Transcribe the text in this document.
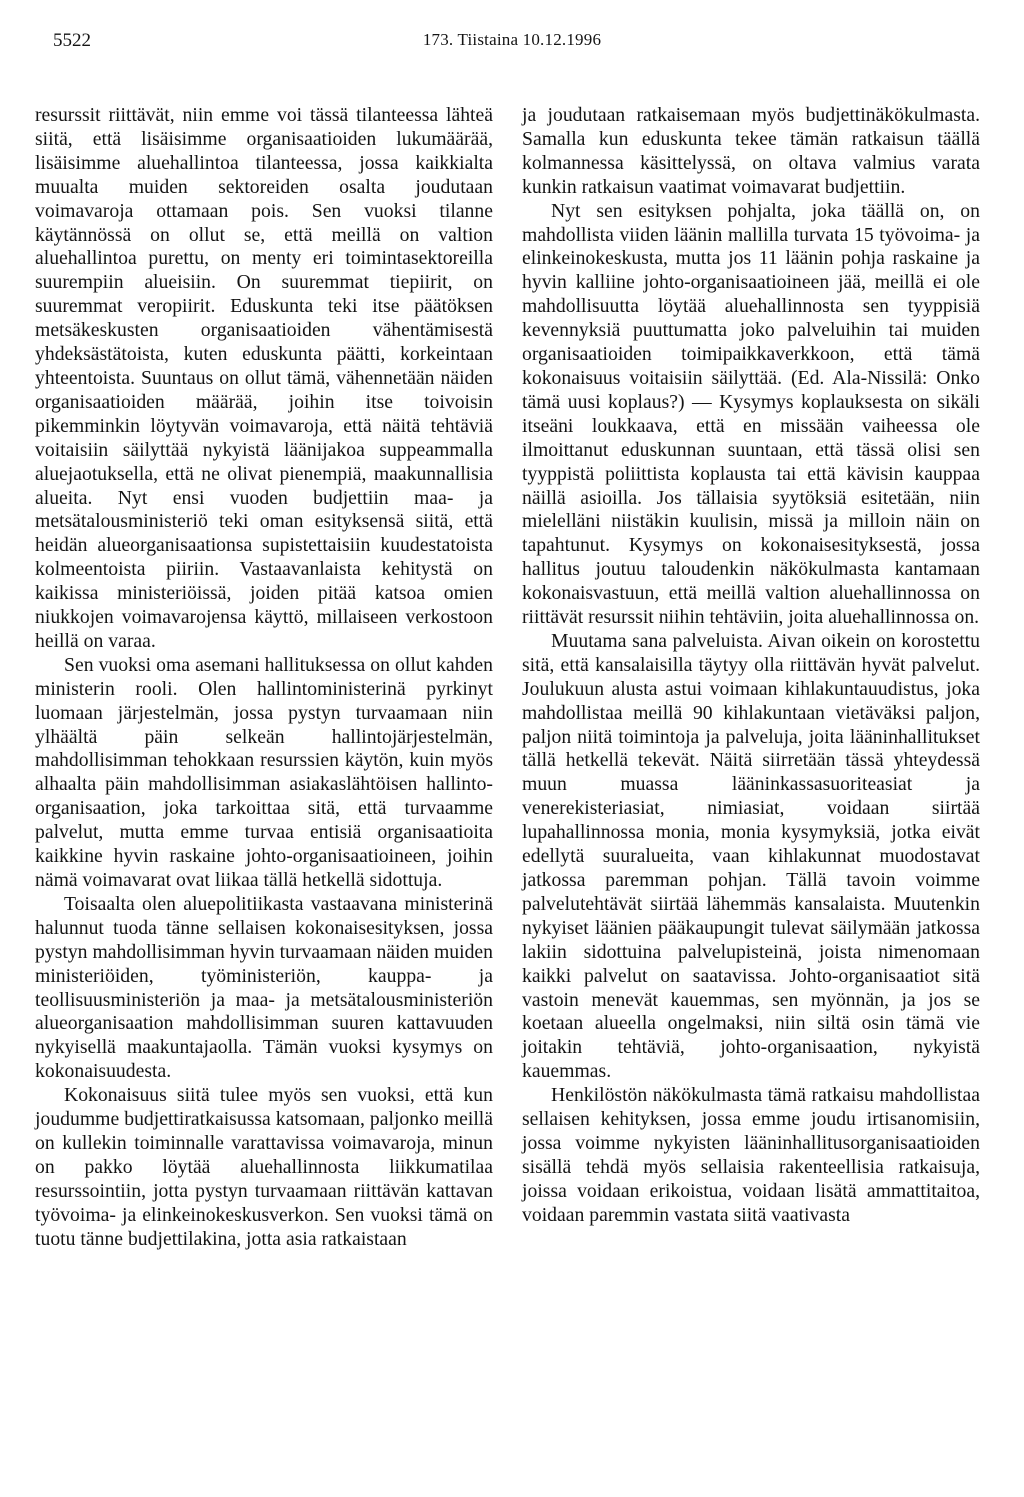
5522	173. Tiistaina 10.12.1996

resurssit riittävät, niin emme voi tässä tilanteessa lähteä siitä, että lisäisimme organisaatioiden lukumäärää, lisäisimme aluehallintoa tilanteessa, jossa kaikkialta muualta muiden sektoreiden osalta joudutaan voimavaroja ottamaan pois. Sen vuoksi tilanne käytännössä on ollut se, että meillä on valtion aluehallintoa purettu, on menty eri toimintasektoreilla suurempiin alueisiin. On suuremmat tiepiirit, on suuremmat veropiirit. Eduskunta teki itse päätöksen metsäkeskusten organisaatioiden vähentämisestä yhdeksästätoista, kuten eduskunta päätti, korkeintaan yhteentoista. Suuntaus on ollut tämä, vähennetään näiden organisaatioiden määrää, joihin itse toivoisin pikemminkin löytyvän voimavaroja, että näitä tehtäviä voitaisiin säilyttää nykyistä läänijakoa suppeammalla aluejaotuksella, että ne olivat pienempiä, maakunnallisia alueita. Nyt ensi vuoden budjettiin maa- ja metsätalousministeriö teki oman esityksensä siitä, että heidän alueorganisaationsa supistettaisiin kuudestatoista kolmeentoista piiriin. Vastaavanlaista kehitystä on kaikissa ministeriöissä, joiden pitää katsoa omien niukkojen voimavarojensa käyttö, millaiseen verkostoon heillä on varaa.

Sen vuoksi oma asemani hallituksessa on ollut kahden ministerin rooli. Olen hallintoministerinä pyrkinyt luomaan järjestelmän, jossa pystyn turvaamaan niin ylhäältä päin selkeän hallintojärjestelmän, mahdollisimman tehokkaan resurssien käytön, kuin myös alhaalta päin mahdollisimman asiakaslähtöisen hallinto-organisaation, joka tarkoittaa sitä, että turvaamme palvelut, mutta emme turvaa entisiä organisaatioita kaikkine hyvin raskaine johto-organisaatioineen, joihin nämä voimavarat ovat liikaa tällä hetkellä sidottuja.

Toisaalta olen aluepolitiikasta vastaavana ministerinä halunnut tuoda tänne sellaisen kokonaisesityksen, jossa pystyn mahdollisimman hyvin turvaamaan näiden muiden ministeriöiden, työministeriön, kauppa- ja teollisuusministeriön ja maa- ja metsätalousministeriön alueorganisaation mahdollisimman suuren kattavuuden nykyisellä maakuntajaolla. Tämän vuoksi kysymys on kokonaisuudesta.

Kokonaisuus siitä tulee myös sen vuoksi, että kun joudumme budjettiratkaisussa katsomaan, paljonko meillä on kullekin toiminnalle varattavissa voimavaroja, minun on pakko löytää aluehallinnosta liikkumatilaa resurssointiin, jotta pystyn turvaamaan riittävän kattavan työvoima- ja elinkeinokeskusverkon. Sen vuoksi tämä on tuotu tänne budjettilakina, jotta asia ratkaistaan

ja joudutaan ratkaisemaan myös budjettinäkökulmasta. Samalla kun eduskunta tekee tämän ratkaisun täällä kolmannessa käsittelyssä, on oltava valmius varata kunkin ratkaisun vaatimat voimavarat budjettiin.

Nyt sen esityksen pohjalta, joka täällä on, on mahdollista viiden läänin mallilla turvata 15 työvoima- ja elinkeinokeskusta, mutta jos 11 läänin pohja raskaine ja hyvin kalliine johto-organisaatioineen jää, meillä ei ole mahdollisuutta löytää aluehallinnosta sen tyyppisiä kevennyksiä puuttumatta joko palveluihin tai muiden organisaatioiden toimipaikkaverkkoon, että tämä kokonaisuus voitaisiin säilyttää. (Ed. Ala-Nissilä: Onko tämä uusi koplaus?) — Kysymys koplauksesta on sikäli itseäni loukkaava, että en missään vaiheessa ole ilmoittanut eduskunnan suuntaan, että tässä olisi sen tyyppistä poliittista koplausta tai että kävisin kauppaa näillä asioilla. Jos tällaisia syytöksiä esitetään, niin mielelläni niistäkin kuulisin, missä ja milloin näin on tapahtunut. Kysymys on kokonaisesityksestä, jossa hallitus joutuu taloudenkin näkökulmasta kantamaan kokonaisvastuun, että meillä valtion aluehallinnossa on riittävät resurssit niihin tehtäviin, joita aluehallinnossa on.

Muutama sana palveluista. Aivan oikein on korostettu sitä, että kansalaisilla täytyy olla riittävän hyvät palvelut. Joulukuun alusta astui voimaan kihlakuntauudistus, joka mahdollistaa meillä 90 kihlakuntaan vietäväksi paljon, paljon niitä toimintoja ja palveluja, joita lääninhallitukset tällä hetkellä tekevät. Näitä siirretään tässä yhteydessä muun muassa lääninkassasuoriteasiat ja venerekisteriasiat, nimiasiat, voidaan siirtää lupahallinnossa monia, monia kysymyksiä, jotka eivät edellytä suuralueita, vaan kihlakunnat muodostavat jatkossa paremman pohjan. Tällä tavoin voimme palvelutehtävät siirtää lähemmäs kansalaista. Muutenkin nykyiset läänien pääkaupungit tulevat säilymään jatkossa lakiin sidottuina palvelupisteinä, joista nimenomaan kaikki palvelut on saatavissa. Johto-organisaatiot sitä vastoin menevät kauemmas, sen myönnän, ja jos se koetaan alueella ongelmaksi, niin siltä osin tämä vie joitakin tehtäviä, johto-organisaation, nykyistä kauemmas.

Henkilöstön näkökulmasta tämä ratkaisu mahdollistaa sellaisen kehityksen, jossa emme joudu irtisanomisiin, jossa voimme nykyisten lääninhallitusorganisaatioiden sisällä tehdä myös sellaisia rakenteellisia ratkaisuja, joissa voidaan erikoistua, voidaan lisätä ammattitaitoa, voidaan paremmin vastata siitä vaativasta
